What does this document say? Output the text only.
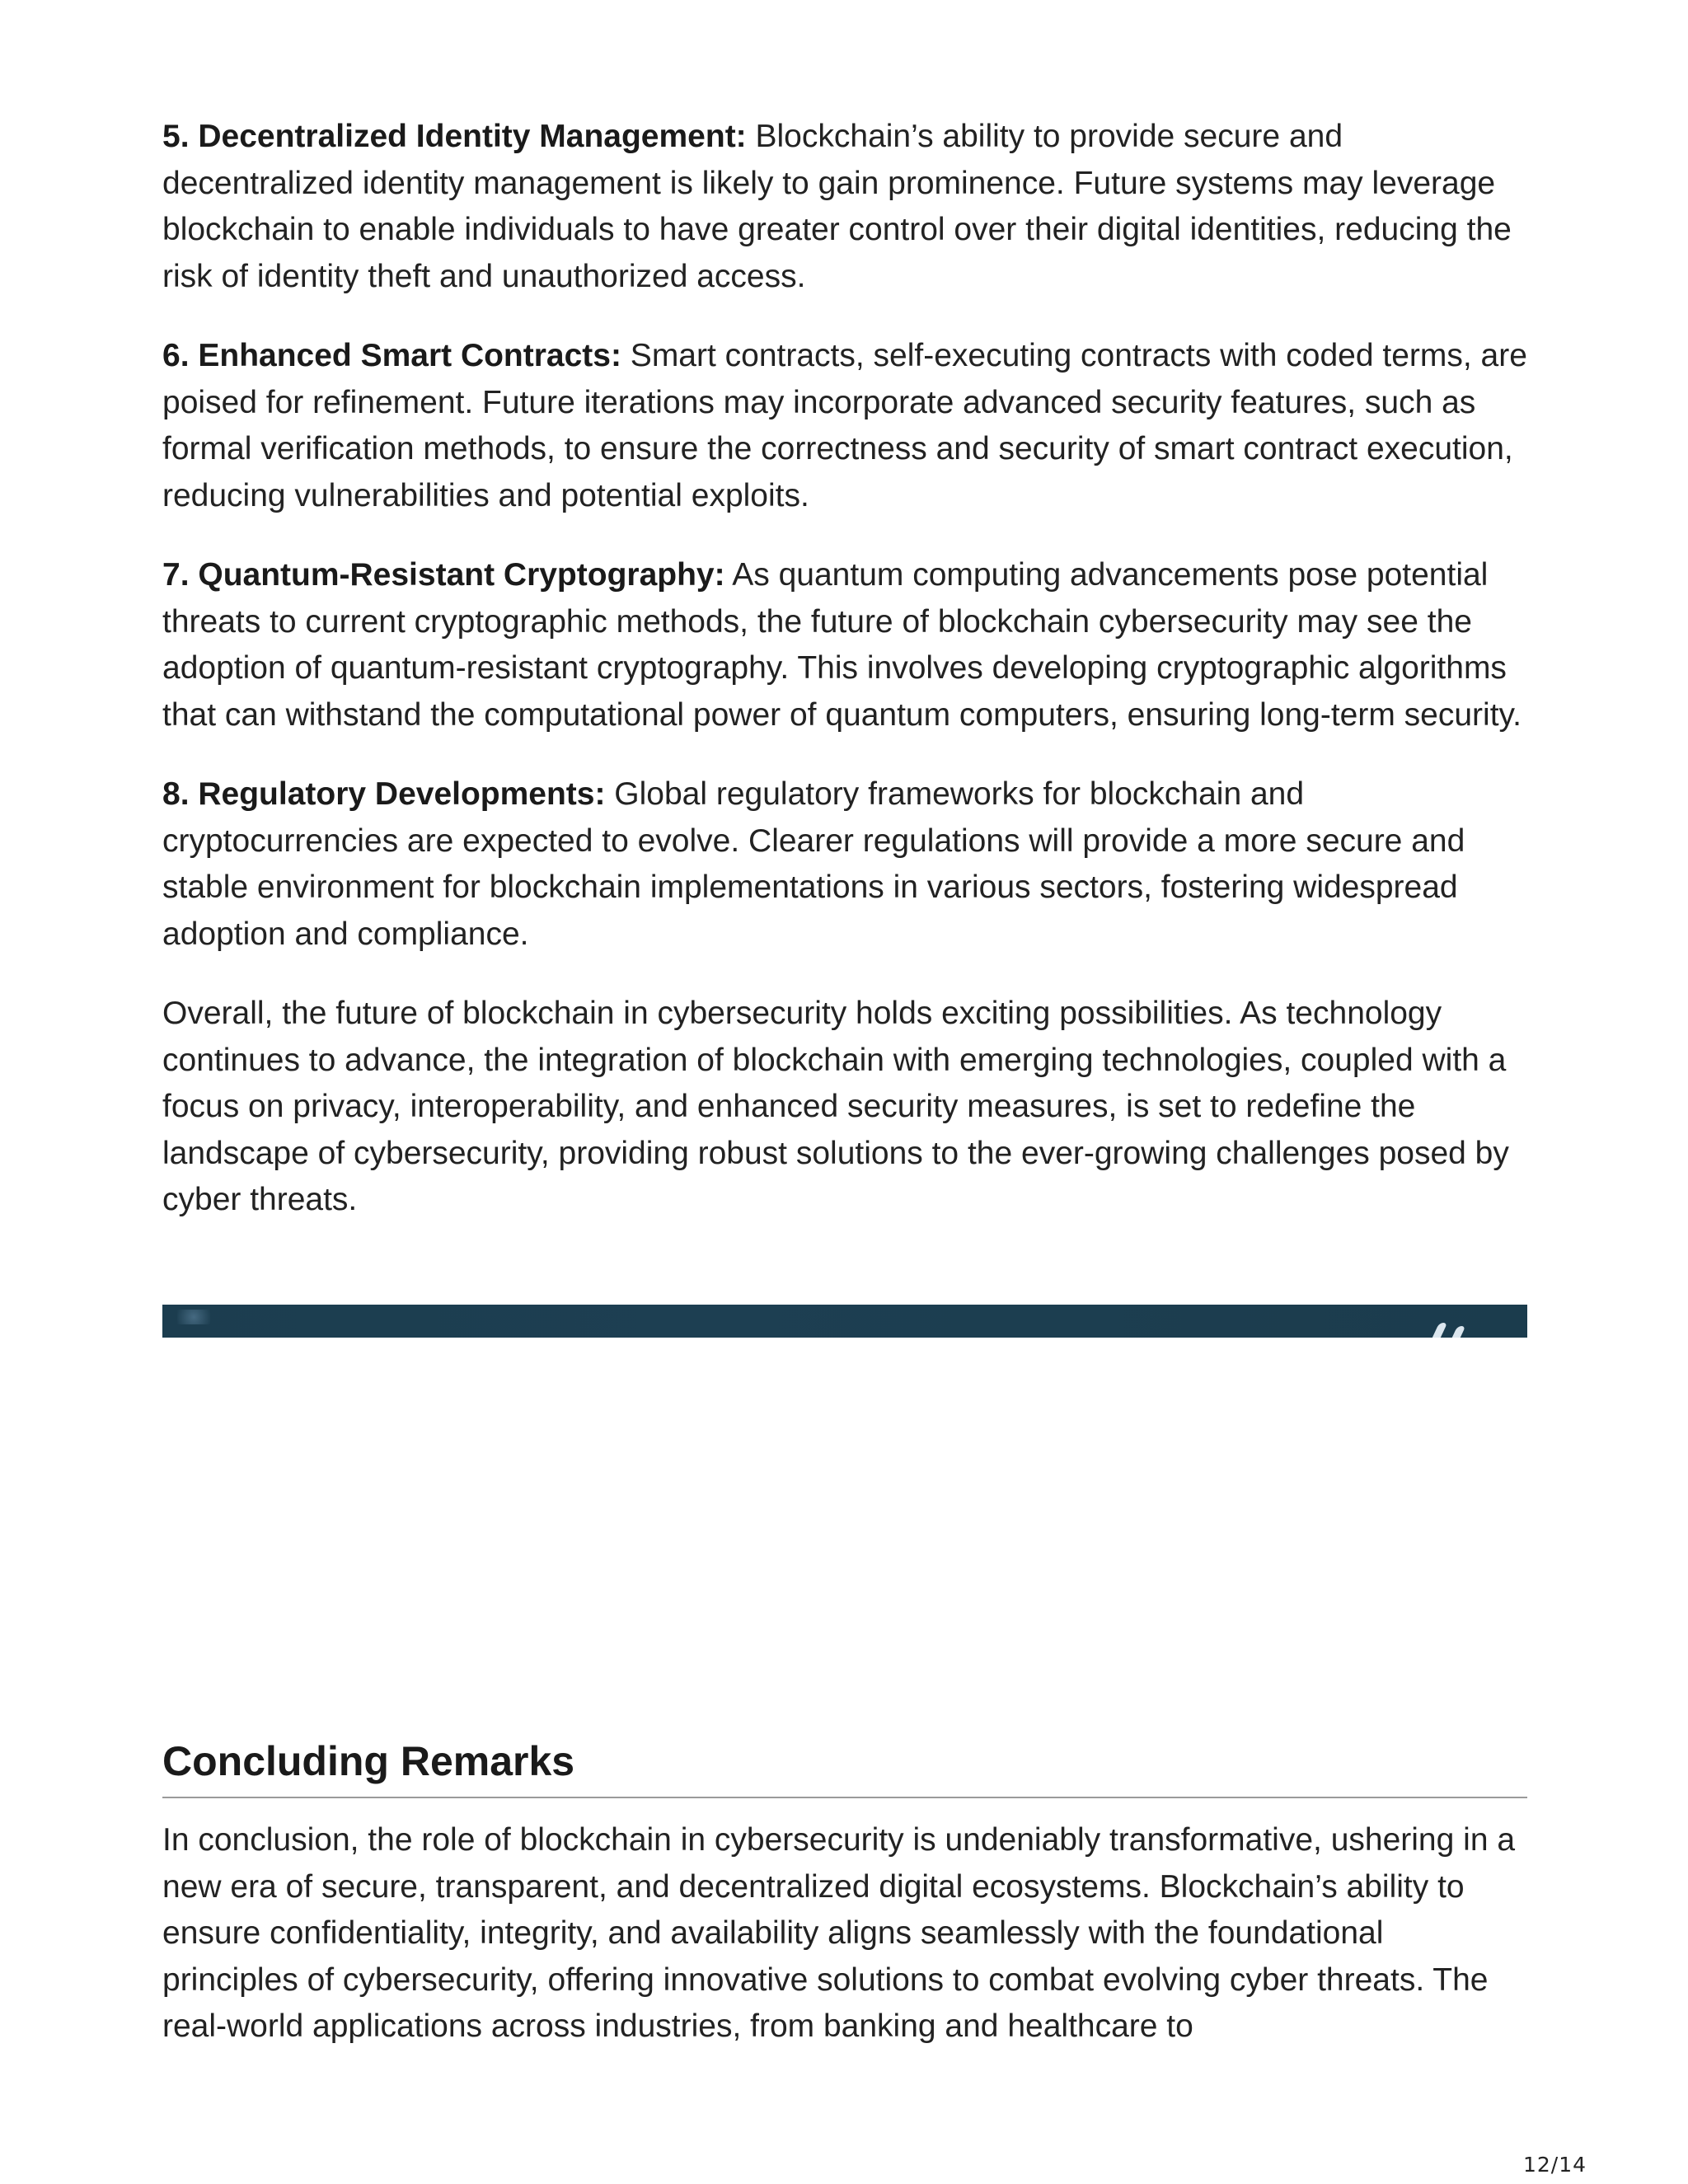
5. Decentralized Identity Management: Blockchain’s ability to provide secure and decentralized identity management is likely to gain prominence. Future systems may leverage blockchain to enable individuals to have greater control over their digital identities, reducing the risk of identity theft and unauthorized access.

6. Enhanced Smart Contracts: Smart contracts, self-executing contracts with coded terms, are poised for refinement. Future iterations may incorporate advanced security features, such as formal verification methods, to ensure the correctness and security of smart contract execution, reducing vulnerabilities and potential exploits.

7. Quantum-Resistant Cryptography: As quantum computing advancements pose potential threats to current cryptographic methods, the future of blockchain cybersecurity may see the adoption of quantum-resistant cryptography. This involves developing cryptographic algorithms that can withstand the computational power of quantum computers, ensuring long-term security.

8. Regulatory Developments: Global regulatory frameworks for blockchain and cryptocurrencies are expected to evolve. Clearer regulations will provide a more secure and stable environment for blockchain implementations in various sectors, fostering widespread adoption and compliance.

Overall, the future of blockchain in cybersecurity holds exciting possibilities. As technology continues to advance, the integration of blockchain with emerging technologies, coupled with a focus on privacy, interoperability, and enhanced security measures, is set to redefine the landscape of cybersecurity, providing robust solutions to the ever-growing challenges posed by cyber threats.

Concluding Remarks

In conclusion, the role of blockchain in cybersecurity is undeniably transformative, ushering in a new era of secure, transparent, and decentralized digital ecosystems. Blockchain’s ability to ensure confidentiality, integrity, and availability aligns seamlessly with the foundational principles of cybersecurity, offering innovative solutions to combat evolving cyber threats. The real-world applications across industries, from banking and healthcare to

12/14
